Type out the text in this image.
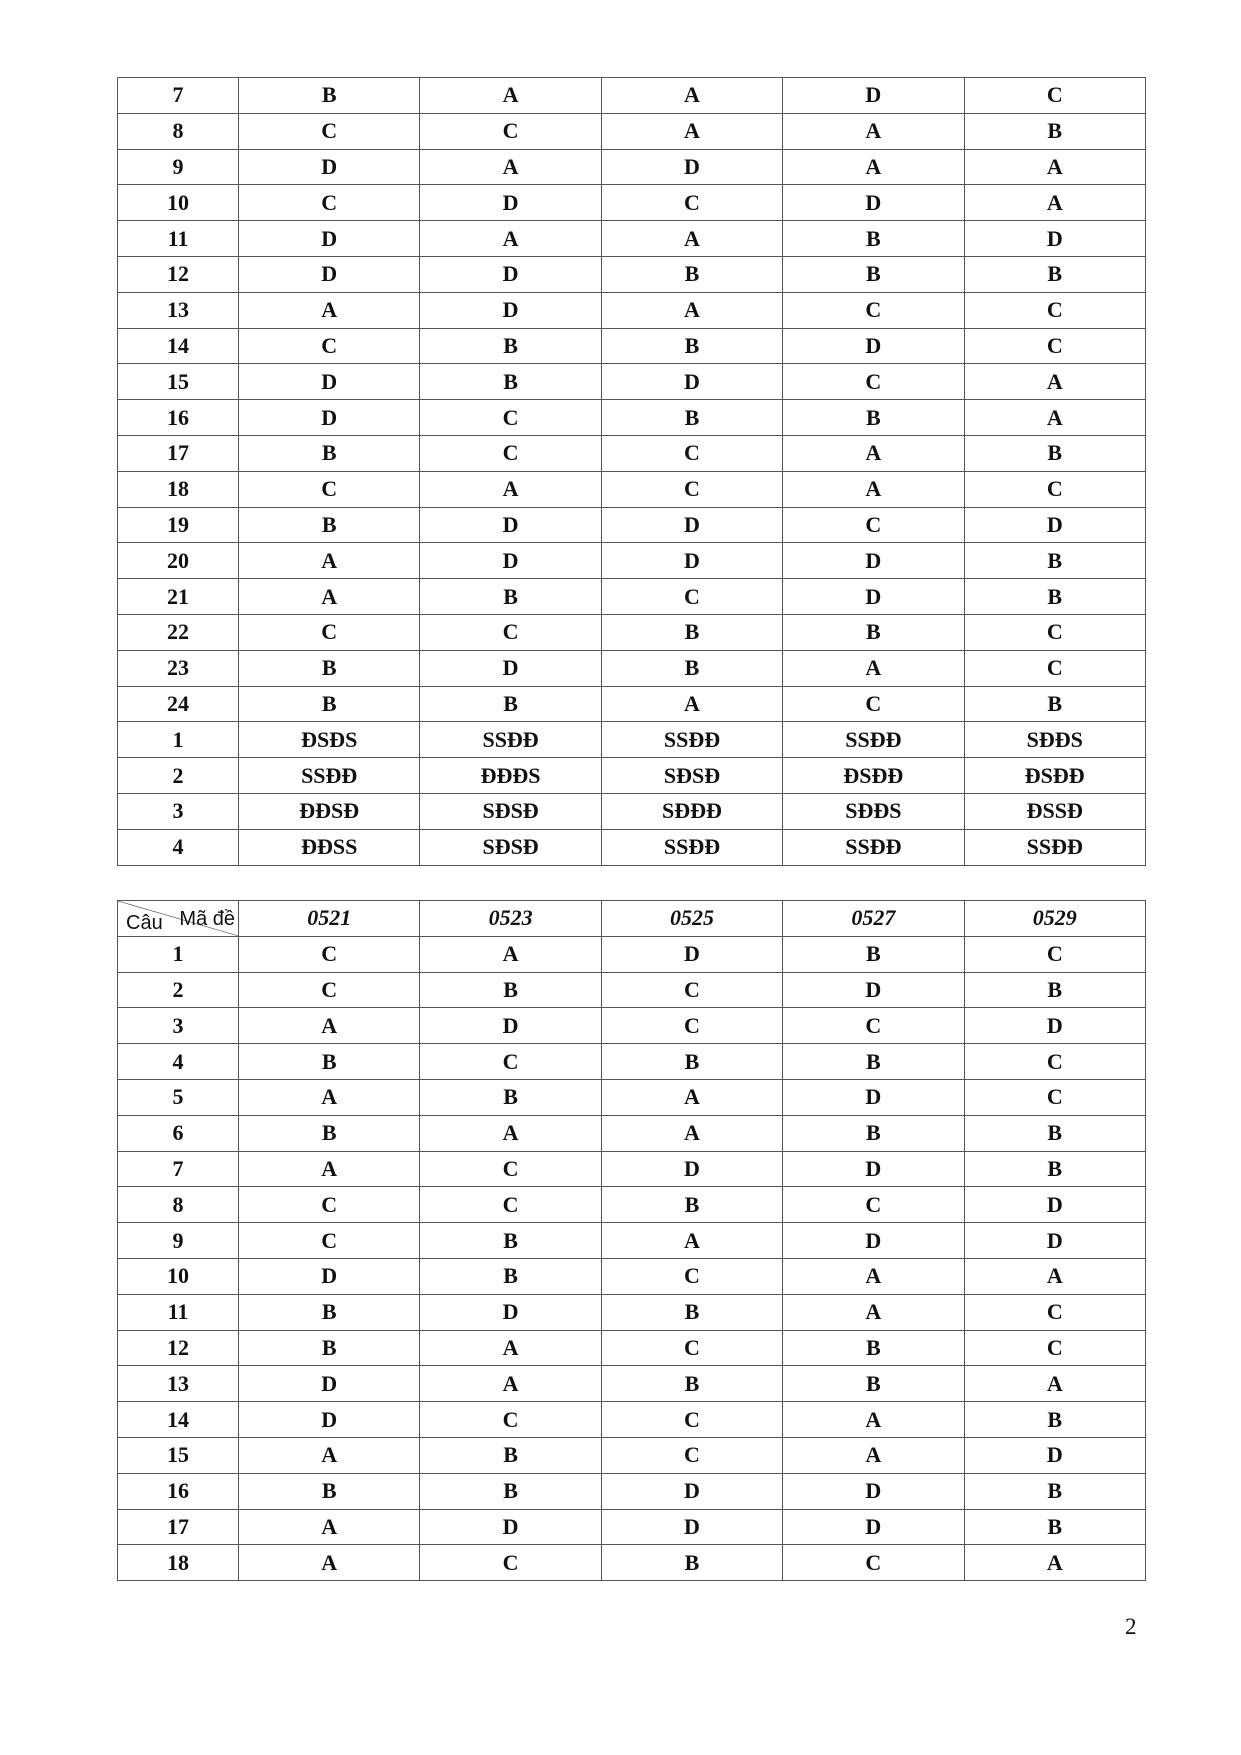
7	B	A	A	D	C
8	C	C	A	A	B
9	D	A	D	A	A
10	C	D	C	D	A
11	D	A	A	B	D
12	D	D	B	B	B
13	A	D	A	C	C
14	C	B	B	D	C
15	D	B	D	C	A
16	D	C	B	B	A
17	B	C	C	A	B
18	C	A	C	A	C
19	B	D	D	C	D
20	A	D	D	D	B
21	A	B	C	D	B
22	C	C	B	B	C
23	B	D	B	A	C
24	B	B	A	C	B
1	ĐSĐS	SSĐĐ	SSĐĐ	SSĐĐ	SĐĐS
2	SSĐĐ	ĐĐĐS	SĐSĐ	ĐSĐĐ	ĐSĐĐ
3	ĐĐSĐ	SĐSĐ	SĐĐĐ	SĐĐS	ĐSSĐ
4	ĐĐSS	SĐSĐ	SSĐĐ	SSĐĐ	SSĐĐ
Mã đề
Câu	0521	0523	0525	0527	0529
1	C	A	D	B	C
2	C	B	C	D	B
3	A	D	C	C	D
4	B	C	B	B	C
5	A	B	A	D	C
6	B	A	A	B	B
7	A	C	D	D	B
8	C	C	B	C	D
9	C	B	A	D	D
10	D	B	C	A	A
11	B	D	B	A	C
12	B	A	C	B	C
13	D	A	B	B	A
14	D	C	C	A	B
15	A	B	C	A	D
16	B	B	D	D	B
17	A	D	D	D	B
18	A	C	B	C	A
2
